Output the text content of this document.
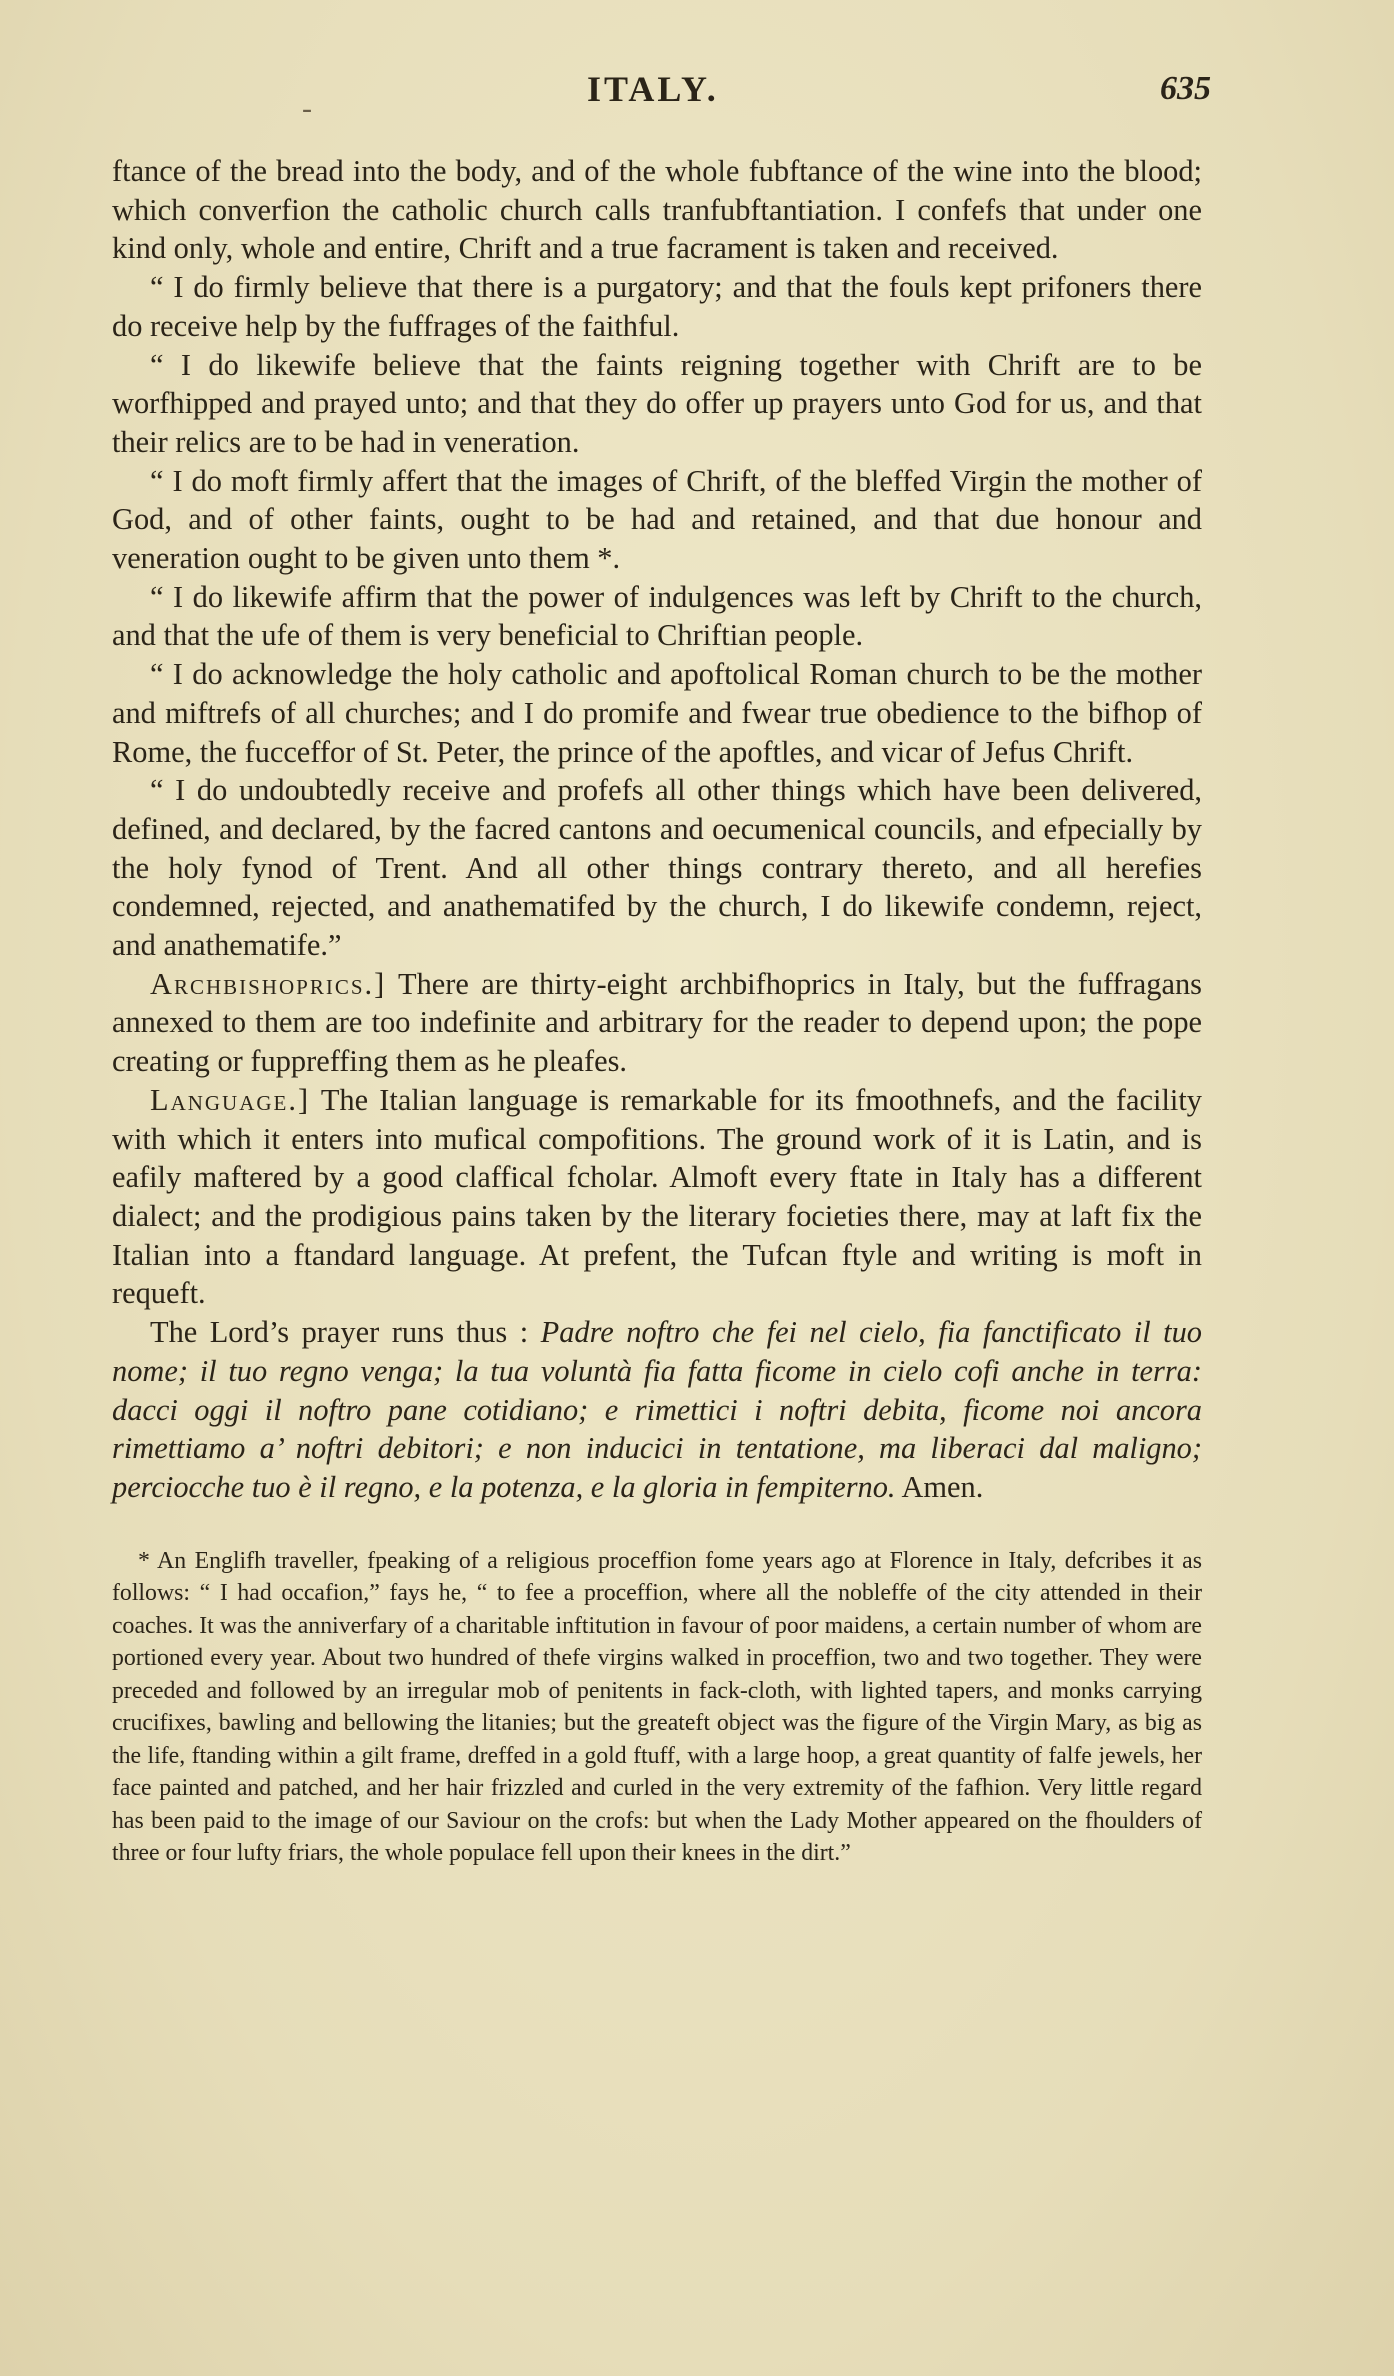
-	ITALY.	635

ftance of the bread into the body, and of the whole fubftance of the wine into the blood; which converfion the catholic church calls tranfubftantiation. I confefs that under one kind only, whole and entire, Chrift and a true facrament is taken and received.

“ I do firmly believe that there is a purgatory; and that the fouls kept prifoners there do receive help by the fuffrages of the faithful.

“ I do likewife believe that the faints reigning together with Chrift are to be worfhipped and prayed unto; and that they do offer up prayers unto God for us, and that their relics are to be had in veneration.

“ I do moft firmly affert that the images of Chrift, of the bleffed Virgin the mother of God, and of other faints, ought to be had and retained, and that due honour and veneration ought to be given unto them *.

“ I do likewife affirm that the power of indulgences was left by Chrift to the church, and that the ufe of them is very beneficial to Chriftian people.

“ I do acknowledge the holy catholic and apoftolical Roman church to be the mother and miftrefs of all churches; and I do promife and fwear true obedience to the bifhop of Rome, the fucceffor of St. Peter, the prince of the apoftles, and vicar of Jefus Chrift.

“ I do undoubtedly receive and profefs all other things which have been delivered, defined, and declared, by the facred cantons and oecumenical councils, and efpecially by the holy fynod of Trent. And all other things contrary thereto, and all herefies condemned, rejected, and anathematifed by the church, I do likewife condemn, reject, and anathematife.”

Archbishoprics.] There are thirty-eight archbifhoprics in Italy, but the fuffragans annexed to them are too indefinite and arbitrary for the reader to depend upon; the pope creating or fuppreffing them as he pleafes.

Language.] The Italian language is remarkable for its fmoothnefs, and the facility with which it enters into mufical compofitions. The ground work of it is Latin, and is eafily maftered by a good claffical fcholar. Almoft every ftate in Italy has a different dialect; and the prodigious pains taken by the literary focieties there, may at laft fix the Italian into a ftandard language. At prefent, the Tufcan ftyle and writing is moft in requeft.

The Lord’s prayer runs thus : Padre noftro che fei nel cielo, fia fanctificato il tuo nome; il tuo regno venga; la tua voluntà fia fatta ficome in cielo cofi anche in terra: dacci oggi il noftro pane cotidiano; e rimettici i noftri debita, ficome noi ancora rimettiamo a’ noftri debitori; e non inducici in tentatione, ma liberaci dal maligno; perciocche tuo è il regno, e la potenza, e la gloria in fempiterno. Amen.

* An Englifh traveller, fpeaking of a religious proceffion fome years ago at Florence in Italy, defcribes it as follows: “ I had occafion,” fays he, “ to fee a proceffion, where all the nobleffe of the city attended in their coaches. It was the anniverfary of a charitable inftitution in favour of poor maidens, a certain number of whom are portioned every year. About two hundred of thefe virgins walked in proceffion, two and two together. They were preceded and followed by an irregular mob of penitents in fack-cloth, with lighted tapers, and monks carrying crucifixes, bawling and bellowing the litanies; but the greateft object was the figure of the Virgin Mary, as big as the life, ftanding within a gilt frame, dreffed in a gold ftuff, with a large hoop, a great quantity of falfe jewels, her face painted and patched, and her hair frizzled and curled in the very extremity of the fafhion. Very little regard has been paid to the image of our Saviour on the crofs: but when the Lady Mother appeared on the fhoulders of three or four lufty friars, the whole populace fell upon their knees in the dirt.”
